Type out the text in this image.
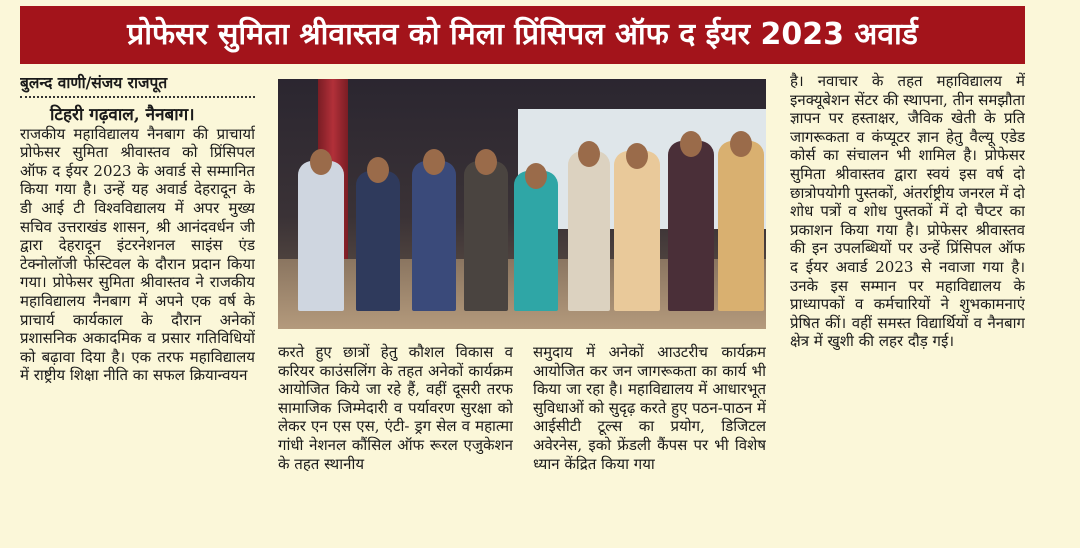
प्रोफेसर सुमिता श्रीवास्तव को मिला प्रिंसिपल ऑफ द ईयर 2023 अवार्ड
बुलन्द वाणी/संजय राजपूत
टिहरी गढ़वाल, नैनबाग।
राजकीय महाविद्यालय नैनबाग की प्राचार्या प्रोफेसर सुमिता श्रीवास्तव को प्रिंसिपल ऑफ द ईयर 2023 के अवार्ड से सम्मानित किया गया है। उन्हें यह अवार्ड देहरादून के डी आई टी विश्वविद्यालय में अपर मुख्य सचिव उत्तराखंड शासन, श्री आनंदवर्धन जी द्वारा देहरादून इंटरनेशनल साइंस एंड टेक्नोलॉजी फेस्टिवल के दौरान प्रदान किया गया। प्रोफेसर सुमिता श्रीवास्तव ने राजकीय महाविद्यालय नैनबाग में अपने एक वर्ष के प्राचार्य कार्यकाल के दौरान अनेकों प्रशासनिक अकादमिक व प्रसार गतिविधियों को बढ़ावा दिया है। एक तरफ महाविद्यालय में राष्ट्रीय शिक्षा नीति का सफल क्रियान्वयन
करते हुए छात्रों हेतु कौशल विकास व करियर काउंसलिंग के तहत अनेकों कार्यक्रम आयोजित किये जा रहे हैं, वहीं दूसरी तरफ सामाजिक जिम्मेदारी व पर्यावरण सुरक्षा को लेकर एन एस एस, एंटी- ड्रग सेल व महात्मा गांधी नेशनल कौंसिल ऑफ रूरल एजुकेशन के तहत स्थानीय
समुदाय में अनेकों आउटरीच कार्यक्रम आयोजित कर जन जागरूकता का कार्य भी किया जा रहा है। महाविद्यालय में आधारभूत सुविधाओं को सुदृढ़ करते हुए पठन-पाठन में आईसीटी टूल्स का प्रयोग, डिजिटल अवेरनेस, इको फ्रेंडली कैंपस पर भी विशेष ध्यान केंद्रित किया गया
है। नवाचार के तहत महाविद्यालय में इनक्यूबेशन सेंटर की स्थापना, तीन समझौता ज्ञापन पर हस्ताक्षर, जैविक खेती के प्रति जागरूकता व कंप्यूटर ज्ञान हेतु वैल्यू एडेड कोर्स का संचालन भी शामिल है। प्रोफेसर सुमिता श्रीवास्तव द्वारा स्वयं इस वर्ष दो छात्रोपयोगी पुस्तकों, अंतर्राष्ट्रीय जनरल में दो शोध पत्रों व शोध पुस्तकों में दो चैप्टर का प्रकाशन किया गया है। प्रोफेसर श्रीवास्तव की इन उपलब्धियों पर उन्हें प्रिंसिपल ऑफ द ईयर अवार्ड 2023 से नवाजा गया है। उनके इस सम्मान पर महाविद्यालय के प्राध्यापकों व कर्मचारियों ने शुभकामनाएं प्रेषित कीं। वहीं समस्त विद्यार्थियों व नैनबाग क्षेत्र में खुशी की लहर दौड़ गई।
